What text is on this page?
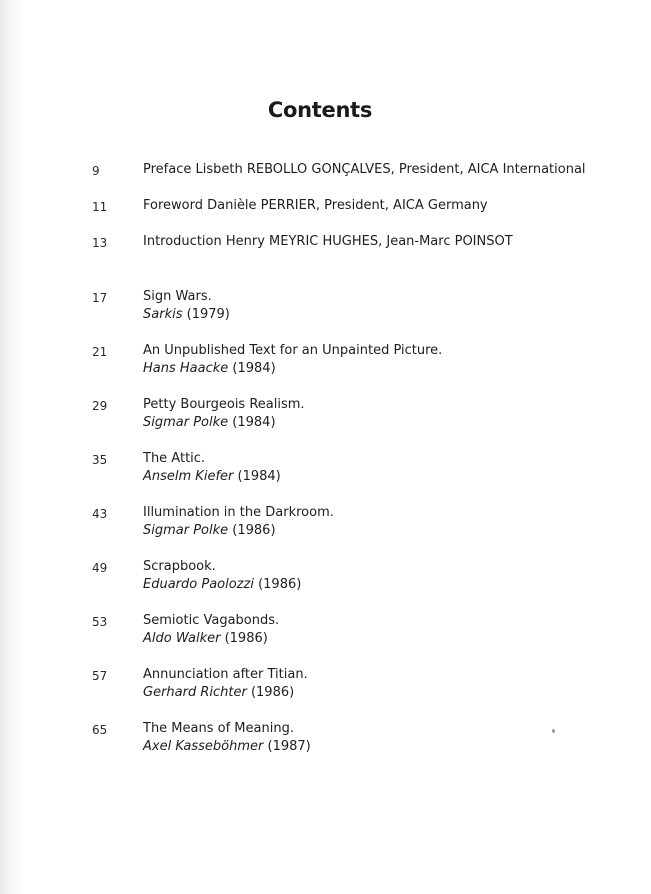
Contents
9	Preface Lisbeth REBOLLO GONÇALVES, President, AICA International
11	Foreword Danièle PERRIER, President, AICA Germany
13	Introduction Henry MEYRIC HUGHES, Jean-Marc POINSOT
17	Sign Wars.
Sarkis (1979)
21	An Unpublished Text for an Unpainted Picture.
Hans Haacke (1984)
29	Petty Bourgeois Realism.
Sigmar Polke (1984)
35	The Attic.
Anselm Kiefer (1984)
43	Illumination in the Darkroom.
Sigmar Polke (1986)
49	Scrapbook.
Eduardo Paolozzi (1986)
53	Semiotic Vagabonds.
Aldo Walker (1986)
57	Annunciation after Titian.
Gerhard Richter (1986)
65	The Means of Meaning.
Axel Kasseböhmer (1987)
